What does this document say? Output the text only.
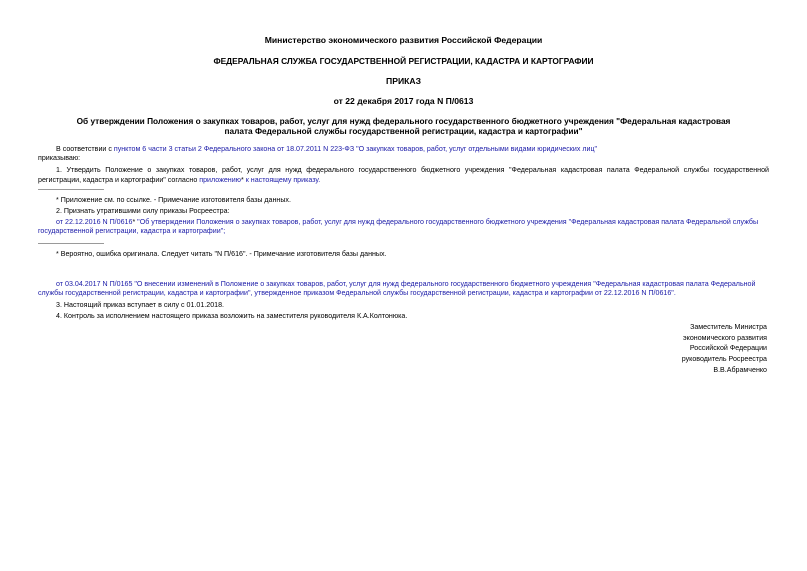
Министерство экономического развития Российской Федерации
ФЕДЕРАЛЬНАЯ СЛУЖБА ГОСУДАРСТВЕННОЙ РЕГИСТРАЦИИ, КАДАСТРА И КАРТОГРАФИИ
ПРИКАЗ
от 22 декабря 2017 года N П/0613
Об утверждении Положения о закупках товаров, работ, услуг для нужд федерального государственного бюджетного учреждения "Федеральная кадастровая
палата Федеральной службы государственной регистрации, кадастра и картографии"
В соответствии с пунктом 6 части 3 статьи 2 Федерального закона от 18.07.2011 N 223-ФЗ "О закупках товаров, работ, услуг отдельными видами юридических лиц"
приказываю:
1. Утвердить Положение о закупках товаров, работ, услуг для нужд федерального государственного бюджетного учреждения "Федеральная кадастровая палата Федеральной службы государственной
регистрации, кадастра и картографии" согласно приложению* к настоящему приказу.
* Приложение см. по ссылке. - Примечание изготовителя базы данных.
2. Признать утратившими силу приказы Росреестра:
от 22.12.2016 N П/0616* "Об утверждении Положения о закупках товаров, работ, услуг для нужд федерального государственного бюджетного учреждения "Федеральная кадастровая палата Федеральной службы
государственной регистрации, кадастра и картографии";
* Вероятно, ошибка оригинала. Следует читать "N П/616". - Примечание изготовителя базы данных.
от 03.04.2017 N П/0165 "О внесении изменений в Положение о закупках товаров, работ, услуг для нужд федерального государственного бюджетного учреждения "Федеральная кадастровая палата Федеральной
службы государственной регистрации, кадастра и картографии", утвержденное приказом Федеральной службы государственной регистрации, кадастра и картографии от 22.12.2016 N П/0616".
3. Настоящий приказ вступает в силу с 01.01.2018.
4. Контроль за исполнением настоящего приказа возложить на заместителя руководителя К.А.Колтонюка.
Заместитель Министра
экономического развития
Российской Федерации
руководитель Росреестра
В.В.Абрамченко
